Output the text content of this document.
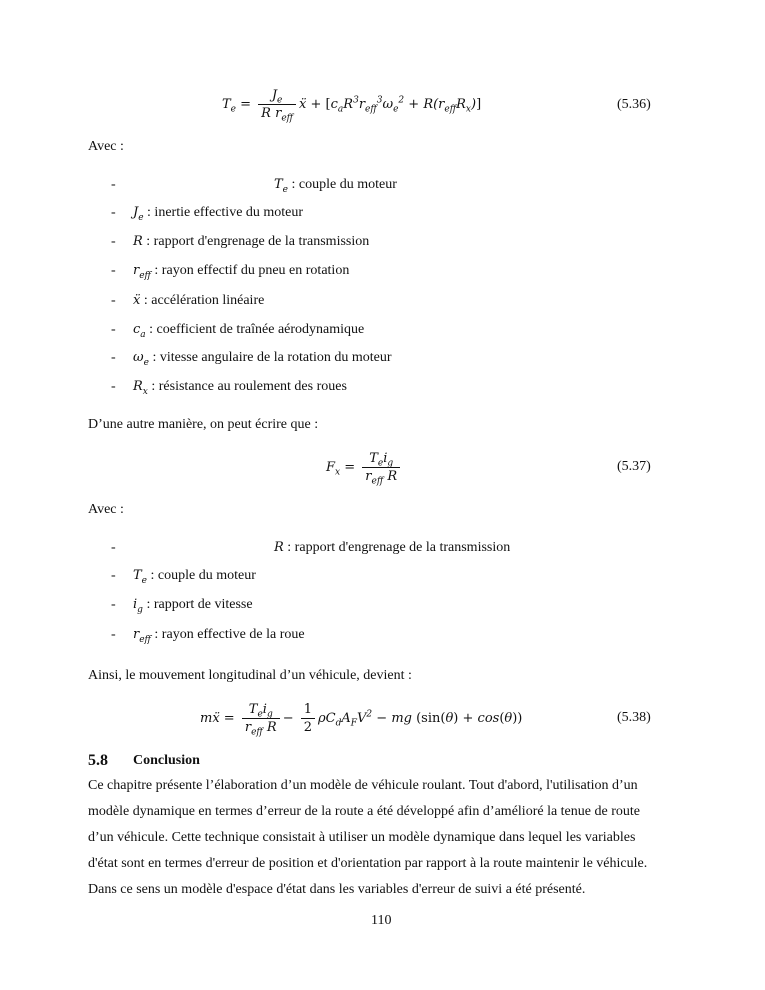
$T_e = \frac{J_e}{R r_{eff}}$ ẍ + $[c_aR^3r_{eff}^3\omega_e^2 + R(r_{eff}R_x)]$	(5.36)
Avec :
-	$T_e$ : couple du moteur
- $J_e$ : inertie effective du moteur
- R : rapport d'engrenage de la transmission
- $r_{eff}$ : rayon effectif du pneu en rotation
- ẍ : accélération linéaire
- $c_a$ : coefficient de traînée aérodynamique
- $\omega_e$ : vitesse angulaire de la rotation du moteur
- $R_x$ : résistance au roulement des roues
D’une autre manière, on peut écrire que :
$F_x = \frac{T_ei_g}{r_{eff} R}$	(5.37)
Avec :
-	R : rapport d'engrenage de la transmission
- $T_e$ : couple du moteur
- $i_g$ : rapport de vitesse
- $r_{eff}$ : rayon effective de la roue
Ainsi, le mouvement longitudinal d’un véhicule, devient :
mẍ = $\frac{T_ei_g}{r_{eff} R} - \frac{1}{2} \rho C_dA_FV^2$ − mg (sin(θ) + cos(θ))	(5.38)
5.8 Conclusion
Ce chapitre présente l’élaboration d’un modèle de véhicule roulant. Tout d'abord, l'utilisation d’un
modèle dynamique en termes d’erreur de la route a été développé afin d’amélioré la tenue de route
d’un véhicule. Cette technique consistait à utiliser un modèle dynamique dans lequel les variables
d'état sont en termes d'erreur de position et d'orientation par rapport à la route maintenir le véhicule.
Dans ce sens un modèle d'espace d'état dans les variables d'erreur de suivi a été présenté.
110
